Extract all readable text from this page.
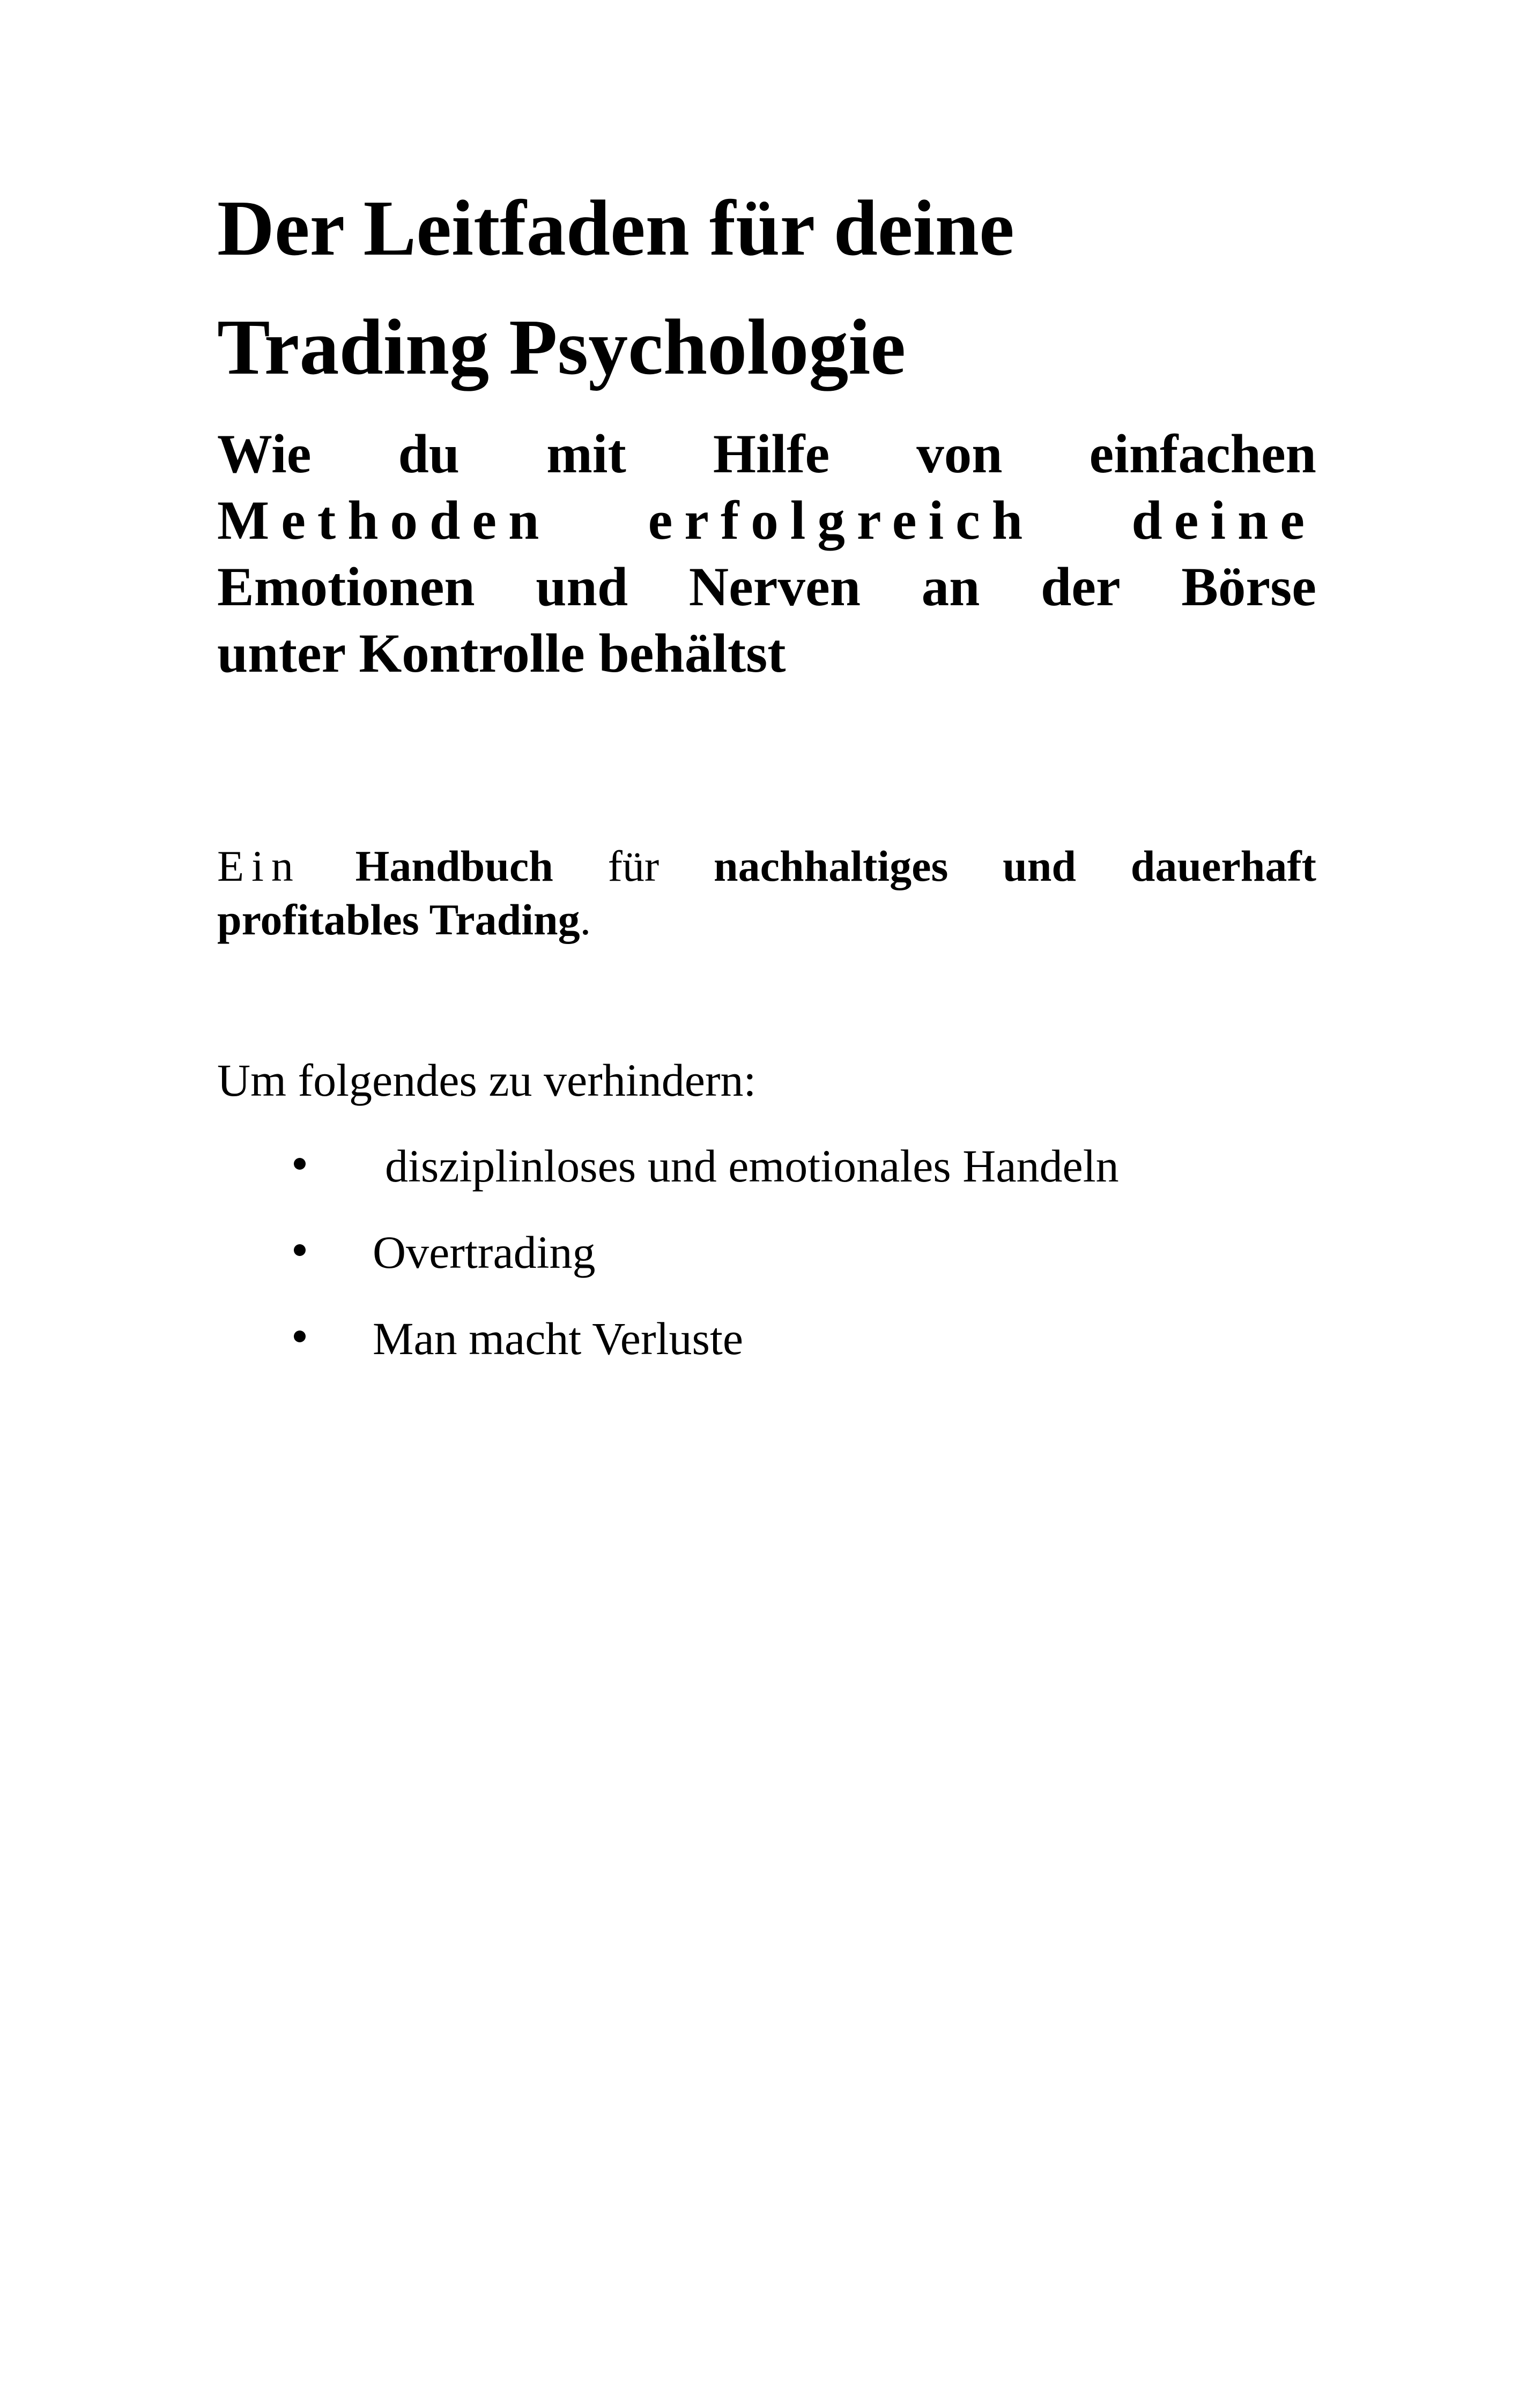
Der Leitfaden für deine
Trading Psychologie
Wie du mit Hilfe von einfachen
Methoden erfolgreich deine
Emotionen und Nerven an der Börse
unter Kontrolle behältst
Ein Handbuch für nachhaltiges und dauerhaft
profitables Trading.
Um folgendes zu verhindern:
disziplinloses und emotionales Handeln
Overtrading
Man macht Verluste
